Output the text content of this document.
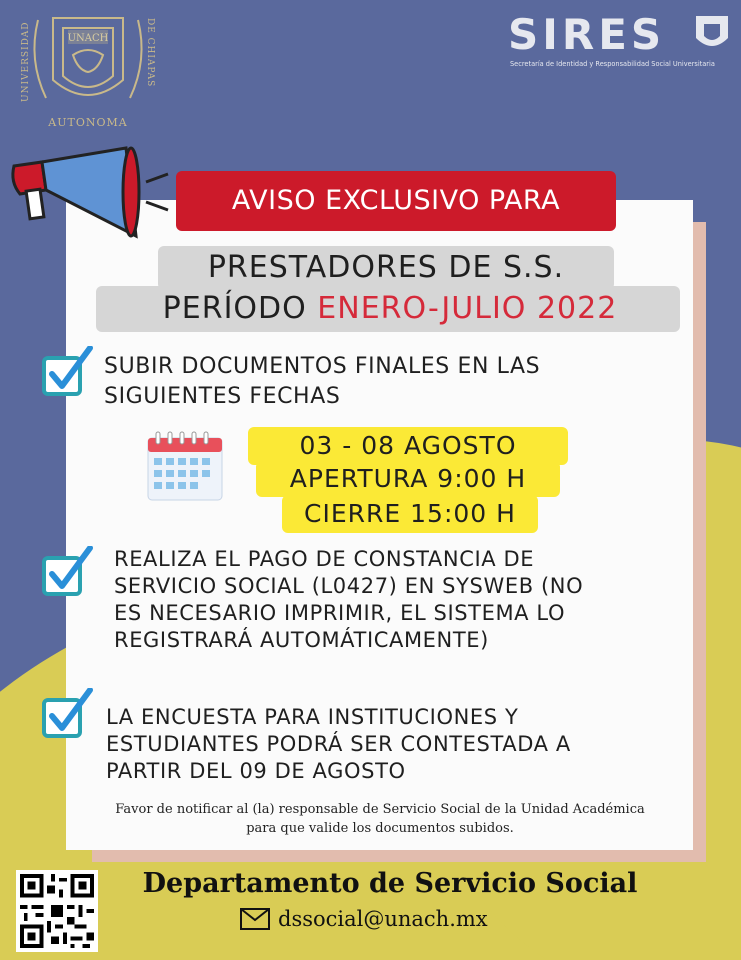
UNACH
AUTONOMA
UNIVERSIDAD	DE CHIAPAS	SIRES
Secretaría de Identidad y Responsabilidad Social Universitaria
AVISO EXCLUSIVO PARA
PRESTADORES DE S.S.
PERÍODO ENERO-JULIO 2022
SUBIR DOCUMENTOS FINALES EN LAS
SIGUIENTES FECHAS
03 - 08 AGOSTO
APERTURA 9:00 H
CIERRE 15:00 H
REALIZA EL PAGO DE CONSTANCIA DE
SERVICIO SOCIAL (L0427) EN SYSWEB (NO
ES NECESARIO IMPRIMIR, EL SISTEMA LO
REGISTRARÁ AUTOMÁTICAMENTE)
LA ENCUESTA PARA INSTITUCIONES Y
ESTUDIANTES PODRÁ SER CONTESTADA A
PARTIR DEL 09 DE AGOSTO
Favor de notificar al (la) responsable de Servicio Social de la Unidad Académica
para que valide los documentos subidos.
Departamento de Servicio Social
dssocial@unach.mx
